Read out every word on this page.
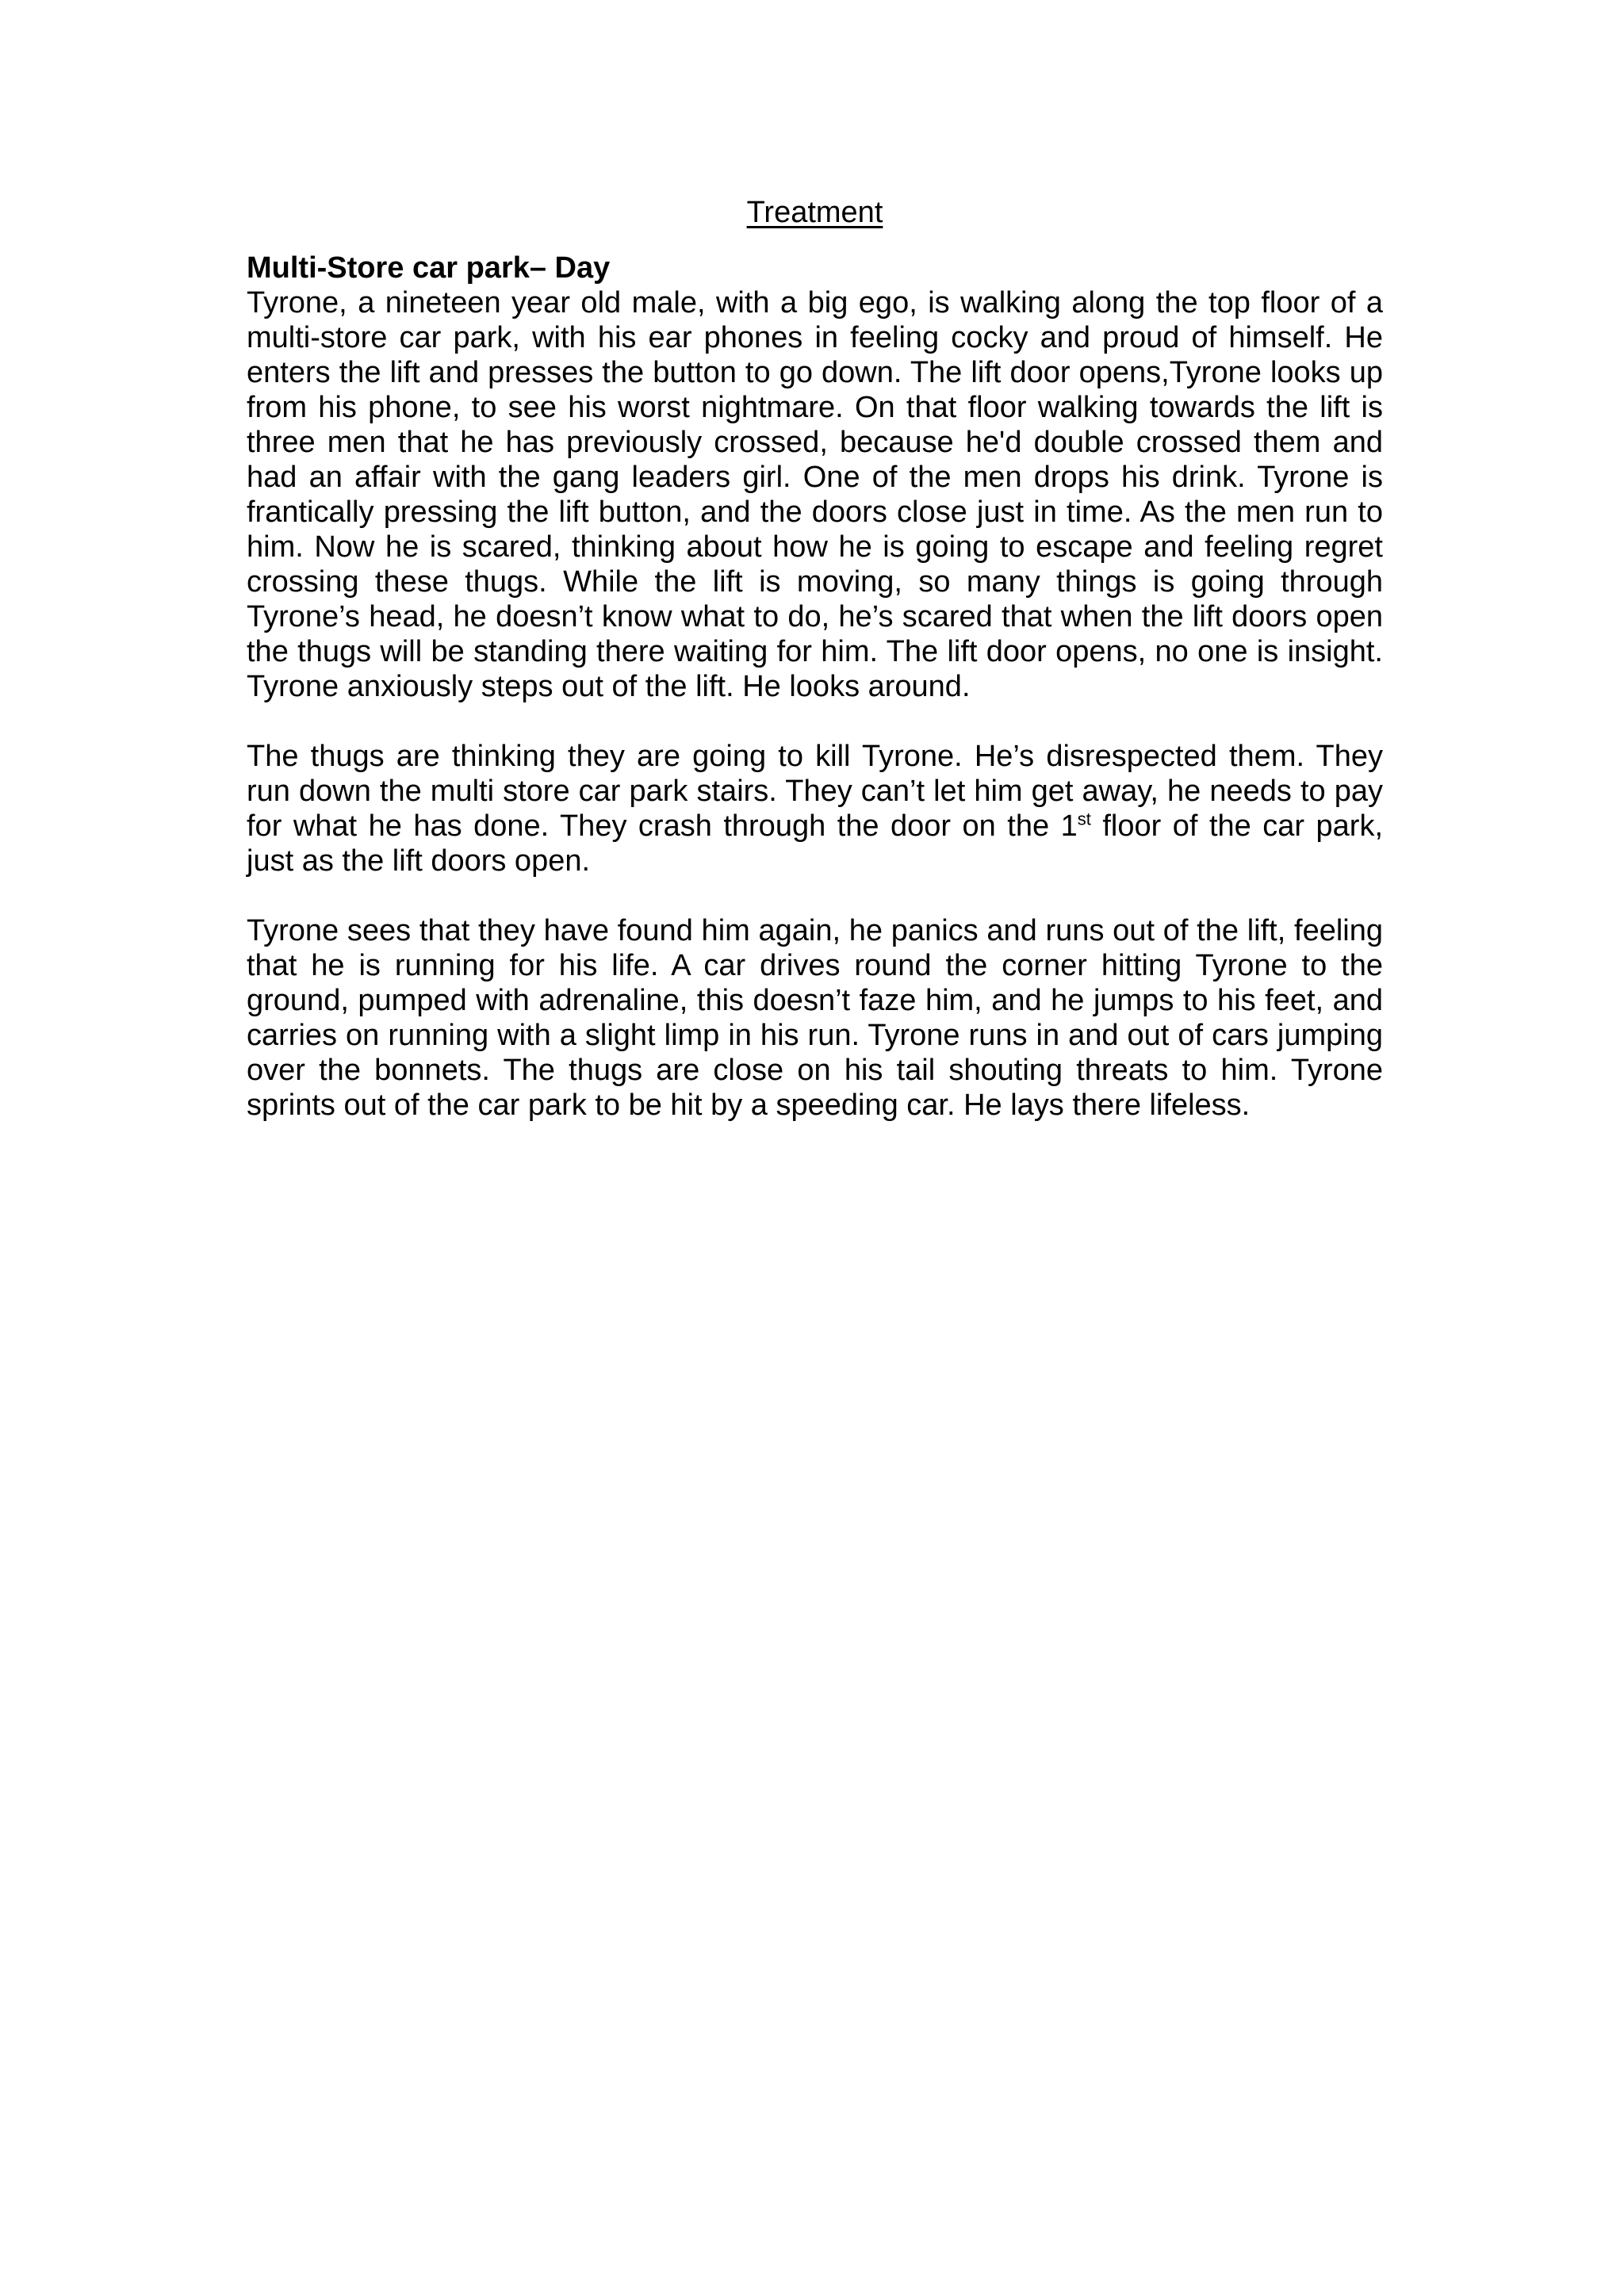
Treatment
Multi-Store car park– Day

Tyrone, a nineteen year old male, with a big ego, is walking along the top floor of a multi-store car park, with his ear phones in feeling cocky and proud of himself. He enters the lift and presses the button to go down. The lift door opens,Tyrone looks up from his phone, to see his worst nightmare. On that floor walking towards the lift is three men that he has previously crossed, because he'd double crossed them and had an affair with the gang leaders girl. One of the men drops his drink. Tyrone is frantically pressing the lift button, and the doors close just in time. As the men run to him. Now he is scared, thinking about how he is going to escape and feeling regret crossing these thugs. While the lift is moving, so many things is going through Tyrone’s head, he doesn’t know what to do, he’s scared that when the lift doors open the thugs will be standing there waiting for him. The lift door opens, no one is insight. Tyrone anxiously steps out of the lift. He looks around.

The thugs are thinking they are going to kill Tyrone. He’s disrespected them. They run down the multi store car park stairs. They can’t let him get away, he needs to pay for what he has done. They crash through the door on the 1st floor of the car park, just as the lift doors open.

Tyrone sees that they have found him again, he panics and runs out of the lift, feeling that he is running for his life. A car drives round the corner hitting Tyrone to the ground, pumped with adrenaline, this doesn’t faze him, and he jumps to his feet, and carries on running with a slight limp in his run. Tyrone runs in and out of cars jumping over the bonnets. The thugs are close on his tail shouting threats to him. Tyrone sprints out of the car park to be hit by a speeding car. He lays there lifeless.
